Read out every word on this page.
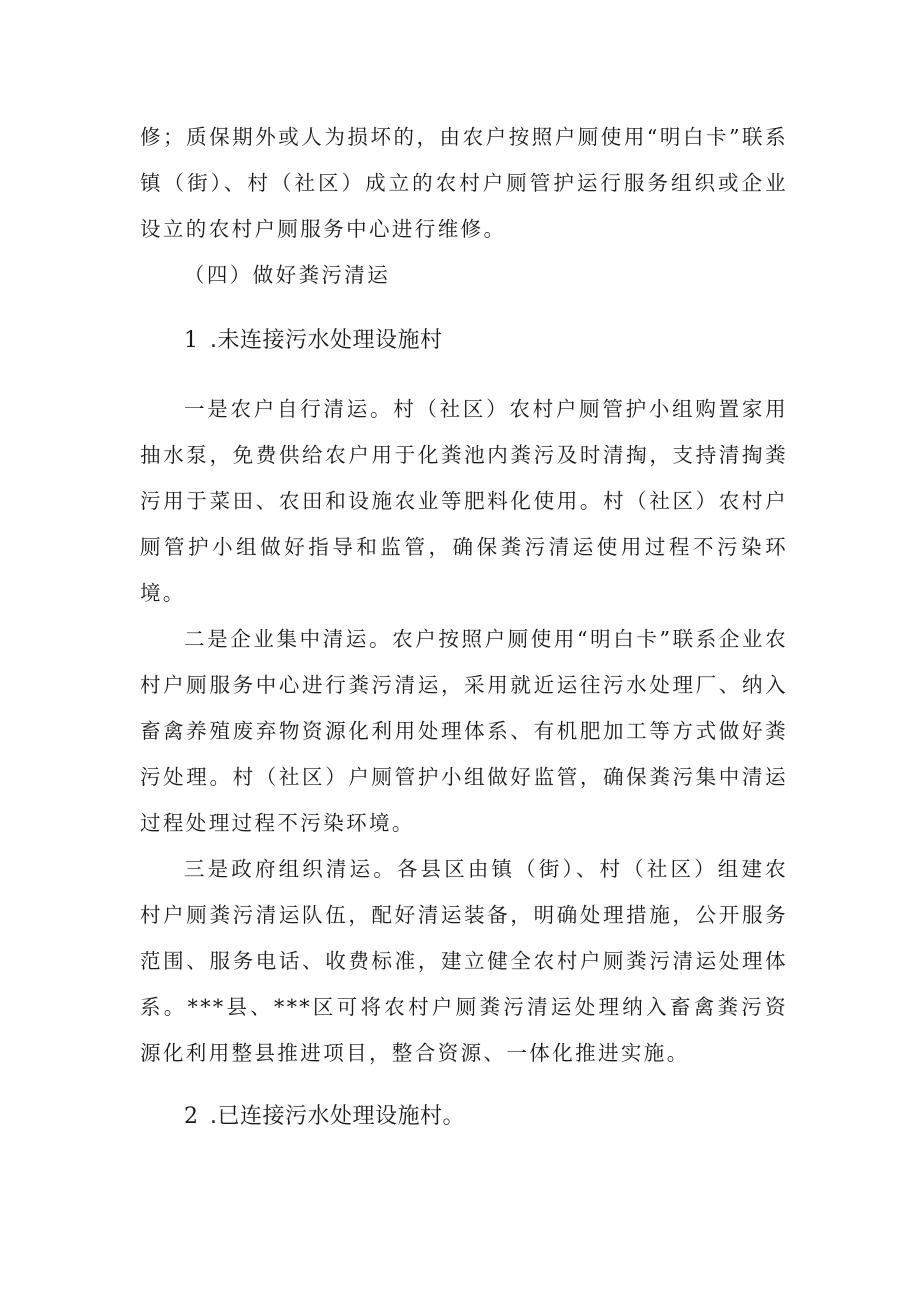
修；质保期外或人为损坏的，由农户按照户厕使用“明白卡”联系镇（街）、村（社区）成立的农村户厕管护运行服务组织或企业设立的农村户厕服务中心进行维修。

（四）做好粪污清运

1 .未连接污水处理设施村

一是农户自行清运。村（社区）农村户厕管护小组购置家用抽水泵，免费供给农户用于化粪池内粪污及时清掏，支持清掏粪污用于菜田、农田和设施农业等肥料化使用。村（社区）农村户厕管护小组做好指导和监管，确保粪污清运使用过程不污染环境。

二是企业集中清运。农户按照户厕使用“明白卡”联系企业农村户厕服务中心进行粪污清运，采用就近运往污水处理厂、纳入畜禽养殖废弃物资源化利用处理体系、有机肥加工等方式做好粪污处理。村（社区）户厕管护小组做好监管，确保粪污集中清运过程处理过程不污染环境。

三是政府组织清运。各县区由镇（街）、村（社区）组建农村户厕粪污清运队伍，配好清运装备，明确处理措施，公开服务范围、服务电话、收费标准，建立健全农村户厕粪污清运处理体系。***县、***区可将农村户厕粪污清运处理纳入畜禽粪污资源化利用整县推进项目，整合资源、一体化推进实施。

2 .已连接污水处理设施村。
